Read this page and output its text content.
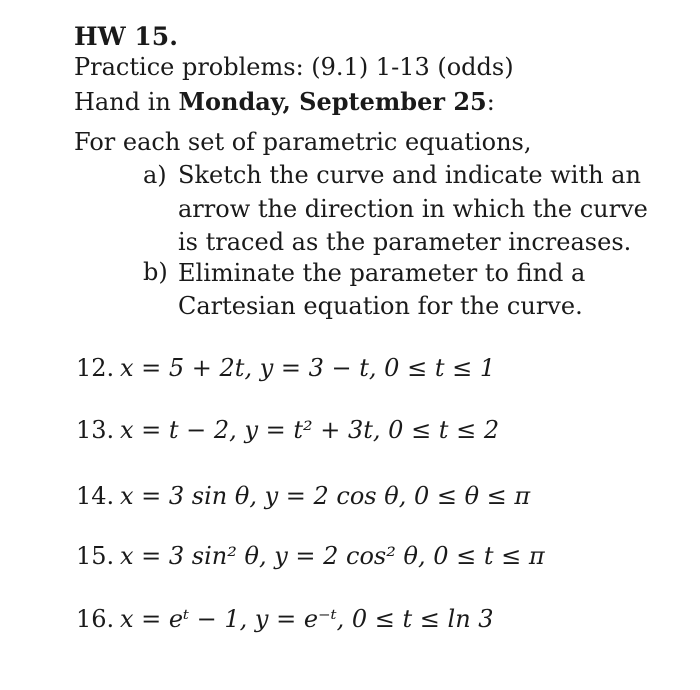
HW 15.
Practice problems: (9.1) 1-13 (odds)
Hand in Monday, September 25:
For each set of parametric equations,
a) Sketch the curve and indicate with an
arrow the direction in which the curve
is traced as the parameter increases.
b) Eliminate the parameter to find a
Cartesian equation for the curve.
12. x = 5 + 2t, y = 3 − t, 0 ≤ t ≤ 1
13. x = t − 2, y = t² + 3t, 0 ≤ t ≤ 2
14. x = 3 sin θ, y = 2 cos θ, 0 ≤ θ ≤ π
15. x = 3 sin² θ, y = 2 cos² θ, 0 ≤ t ≤ π
16. x = eᵗ − 1, y = e⁻ᵗ, 0 ≤ t ≤ ln 3
